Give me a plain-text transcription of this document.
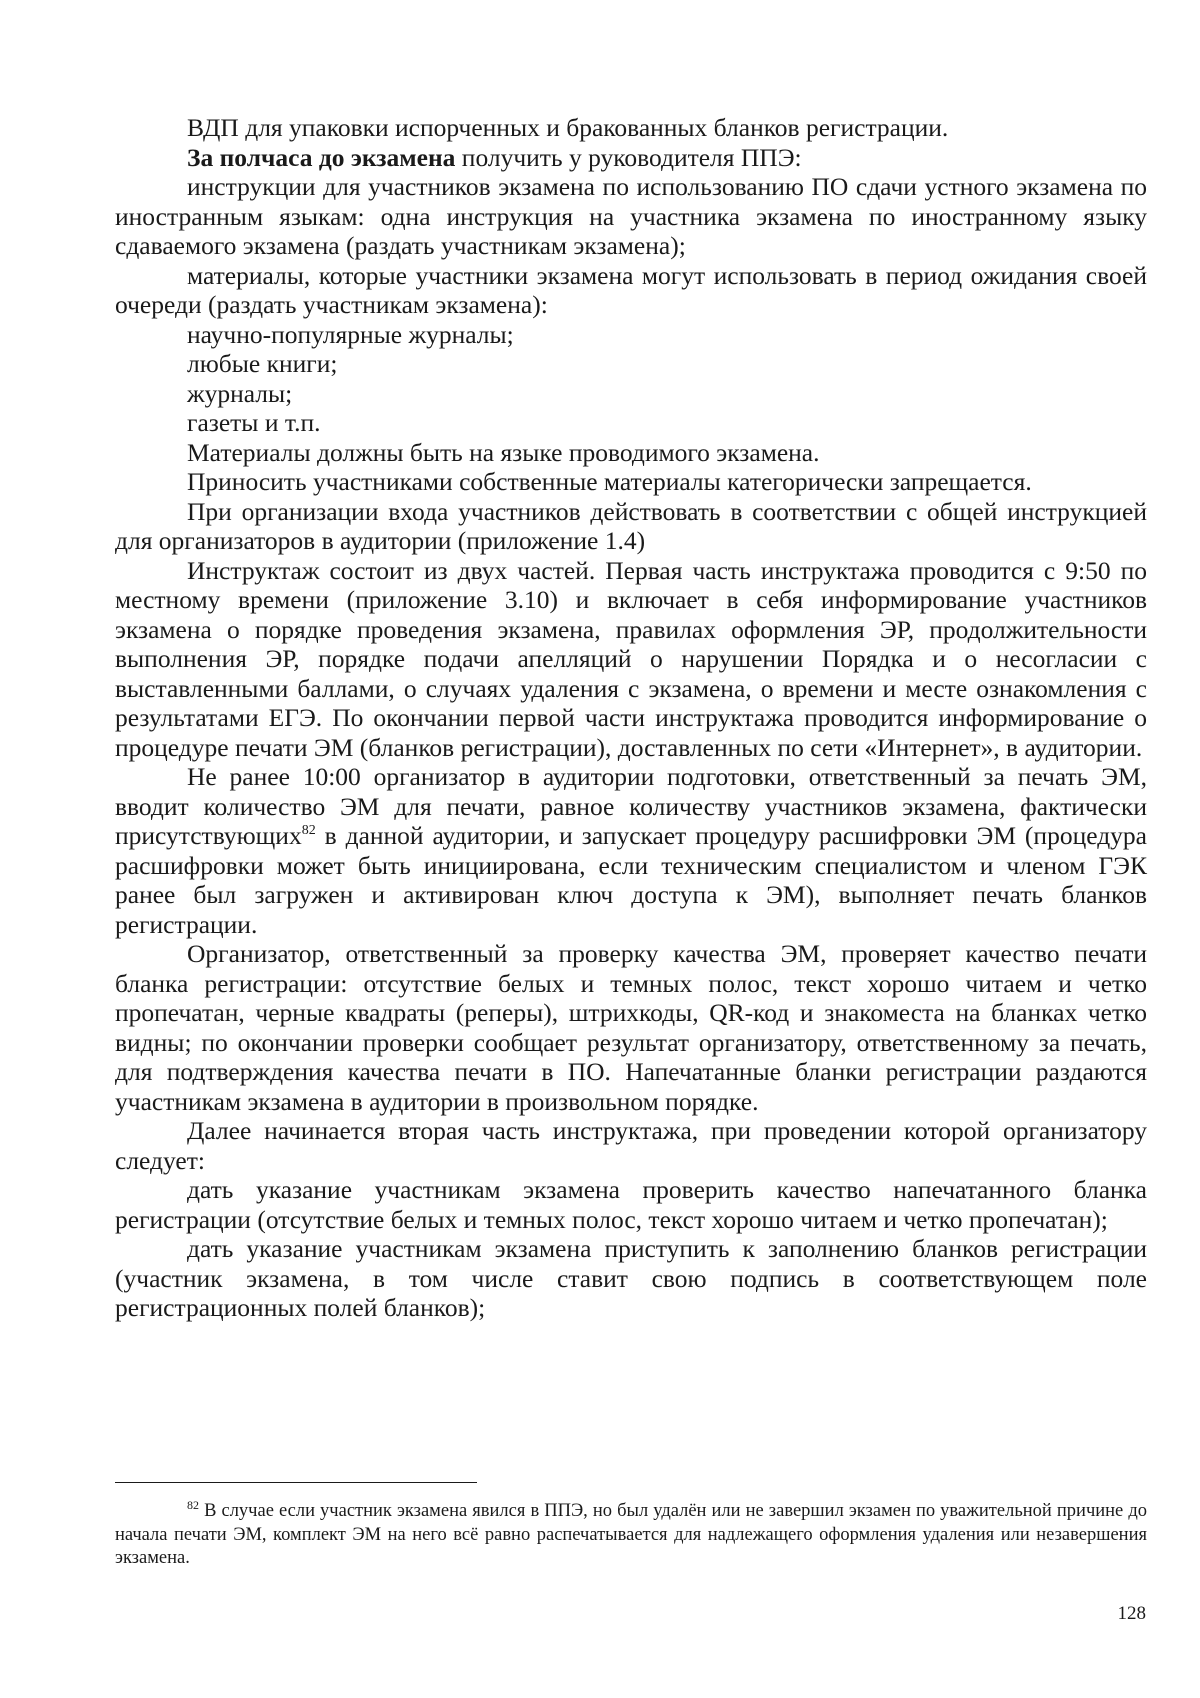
ВДП для упаковки испорченных и бракованных бланков регистрации.

За полчаса до экзамена получить у руководителя ППЭ:

инструкции для участников экзамена по использованию ПО сдачи устного экзамена по иностранным языкам: одна инструкция на участника экзамена по иностранному языку сдаваемого экзамена (раздать участникам экзамена);

материалы, которые участники экзамена могут использовать в период ожидания своей очереди (раздать участникам экзамена):

научно-популярные журналы;

любые книги;

журналы;

газеты и т.п.

Материалы должны быть на языке проводимого экзамена.

Приносить участниками собственные материалы категорически запрещается.

При организации входа участников действовать в соответствии с общей инструкцией для организаторов в аудитории (приложение 1.4)

Инструктаж состоит из двух частей. Первая часть инструктажа проводится с 9:50 по местному времени (приложение 3.10) и включает в себя информирование участников экзамена о порядке проведения экзамена, правилах оформления ЭР, продолжительности выполнения ЭР, порядке подачи апелляций о нарушении Порядка и о несогласии с выставленными баллами, о случаях удаления с экзамена, о времени и месте ознакомления с результатами ЕГЭ. По окончании первой части инструктажа проводится информирование о процедуре печати ЭМ (бланков регистрации), доставленных по сети «Интернет», в аудитории.

Не ранее 10:00 организатор в аудитории подготовки, ответственный за печать ЭМ, вводит количество ЭМ для печати, равное количеству участников экзамена, фактически присутствующих$^{82}$ в данной аудитории, и запускает процедуру расшифровки ЭМ (процедура расшифровки может быть инициирована, если техническим специалистом и членом ГЭК ранее был загружен и активирован ключ доступа к ЭМ), выполняет печать бланков регистрации.

Организатор, ответственный за проверку качества ЭМ, проверяет качество печати бланка регистрации: отсутствие белых и темных полос, текст хорошо читаем и четко пропечатан, черные квадраты (реперы), штрихкоды, QR-код и знакоместа на бланках четко видны; по окончании проверки сообщает результат организатору, ответственному за печать, для подтверждения качества печати в ПО. Напечатанные бланки регистрации раздаются участникам экзамена в аудитории в произвольном порядке.

Далее начинается вторая часть инструктажа, при проведении которой организатору следует:

дать указание участникам экзамена проверить качество напечатанного бланка регистрации (отсутствие белых и темных полос, текст хорошо читаем и четко пропечатан);

дать указание участникам экзамена приступить к заполнению бланков регистрации (участник экзамена, в том числе ставит свою подпись в соответствующем поле регистрационных полей бланков);

$^{82}$ В случае если участник экзамена явился в ППЭ, но был удалён или не завершил экзамен по уважительной причине до начала печати ЭМ, комплект ЭМ на него всё равно распечатывается для надлежащего оформления удаления или незавершения экзамена.

128
